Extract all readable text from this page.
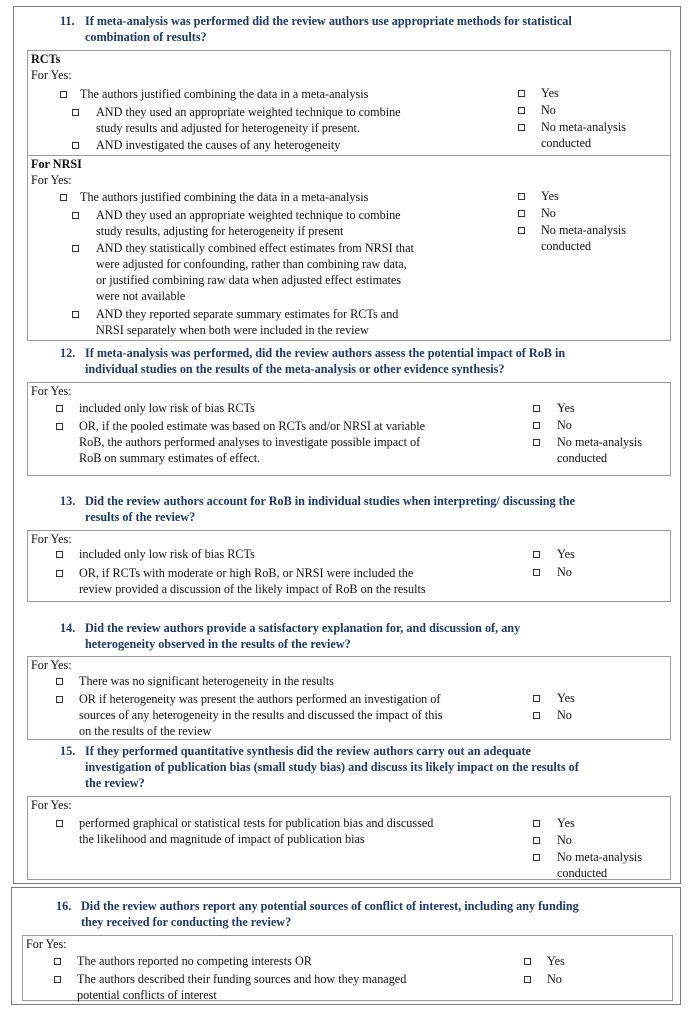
11. If meta-analysis was performed did the review authors use appropriate methods for statistical
combination of results?
RCTs
For Yes:
The authors justified combining the data in a meta-analysis
AND they used an appropriate weighted technique to combine
study results and adjusted for heterogeneity if present.
AND investigated the causes of any heterogeneity
Yes
No
No meta-analysis
conducted
For NRSI
For Yes:
The authors justified combining the data in a meta-analysis
AND they used an appropriate weighted technique to combine
study results, adjusting for heterogeneity if present
AND they statistically combined effect estimates from NRSI that
were adjusted for confounding, rather than combining raw data,
or justified combining raw data when adjusted effect estimates
were not available
AND they reported separate summary estimates for RCTs and
NRSI separately when both were included in the review
Yes
No
No meta-analysis
conducted
12. If meta-analysis was performed, did the review authors assess the potential impact of RoB in
individual studies on the results of the meta-analysis or other evidence synthesis?
For Yes:
included only low risk of bias RCTs
OR, if the pooled estimate was based on RCTs and/or NRSI at variable
RoB, the authors performed analyses to investigate possible impact of
RoB on summary estimates of effect.
Yes
No
No meta-analysis
conducted
13. Did the review authors account for RoB in individual studies when interpreting/ discussing the
results of the review?
For Yes:
included only low risk of bias RCTs
OR, if RCTs with moderate or high RoB, or NRSI were included the
review provided a discussion of the likely impact of RoB on the results
Yes
No
14. Did the review authors provide a satisfactory explanation for, and discussion of, any
heterogeneity observed in the results of the review?
For Yes:
There was no significant heterogeneity in the results
OR if heterogeneity was present the authors performed an investigation of
sources of any heterogeneity in the results and discussed the impact of this
on the results of the review
Yes
No
15. If they performed quantitative synthesis did the review authors carry out an adequate
investigation of publication bias (small study bias) and discuss its likely impact on the results of
the review?
For Yes:
performed graphical or statistical tests for publication bias and discussed
the likelihood and magnitude of impact of publication bias
Yes
No
No meta-analysis
conducted
16. Did the review authors report any potential sources of conflict of interest, including any funding
they received for conducting the review?
For Yes:
The authors reported no competing interests OR
The authors described their funding sources and how they managed
potential conflicts of interest
Yes
No
